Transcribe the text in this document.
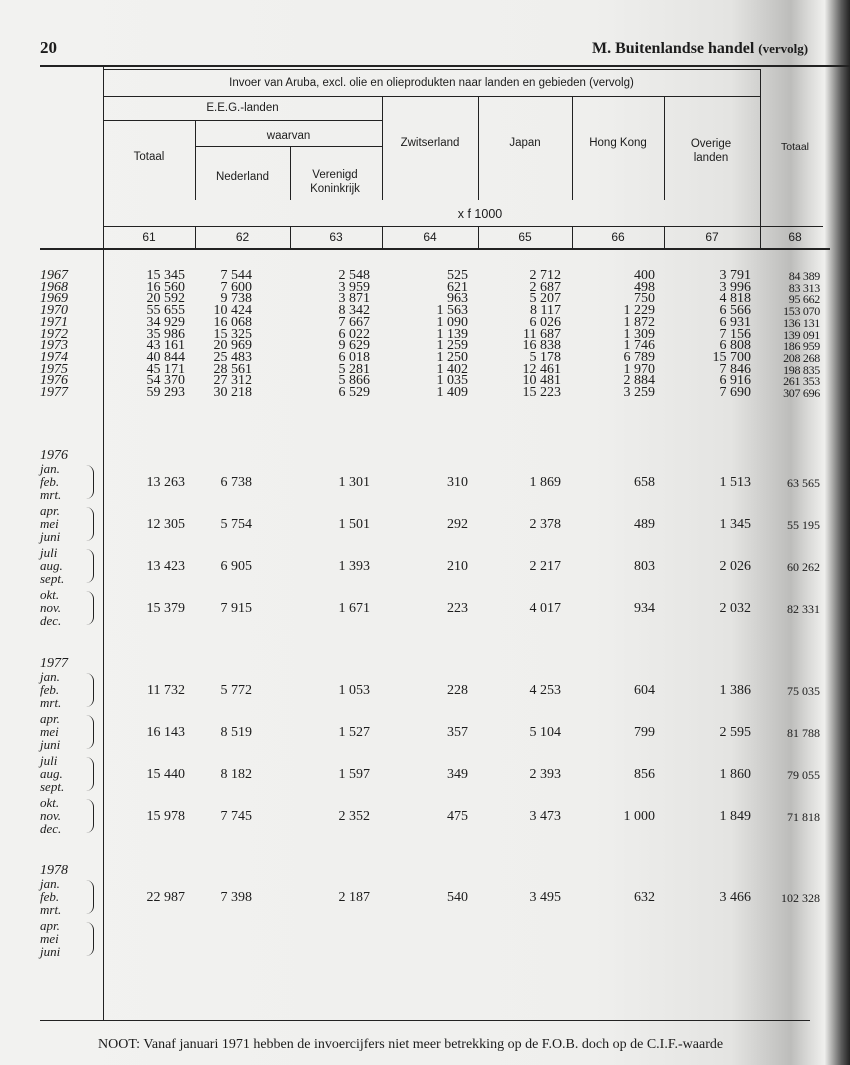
20	M. Buitenlandse handel (vervolg)
Invoer van Aruba, excl. olie en olieprodukten naar landen en gebieden (vervolg)
E.E.G.-landen
waarvan
Totaal
Nederland	Verenigd Koninkrijk
Zwitserland	Japan	Hong Kong	Overige landen
Totaal
x f 1000
61	62	63	64	65	66	67	68
1967	15 345	7 544	2 548	525	2 712	400	3 791	84 389
1968	16 560	7 600	3 959	621	2 687	498	3 996	83 313
1969	20 592	9 738	3 871	963	5 207	750	4 818	95 662
1970	55 655	10 424	8 342	1 563	8 117	1 229	6 566	153 070
1971	34 929	16 068	7 667	1 090	6 026	1 872	6 931	136 131
1972	35 986	15 325	6 022	1 139	11 687	1 309	7 156	139 091
1973	43 161	20 969	9 629	1 259	16 838	1 746	6 808	186 959
1974	40 844	25 483	6 018	1 250	5 178	6 789	15 700	208 268
1975	45 171	28 561	5 281	1 402	12 461	1 970	7 846	198 835
1976	54 370	27 312	5 866	1 035	10 481	2 884	6 916	261 353
1977	59 293	30 218	6 529	1 409	15 223	3 259	7 690	307 696
1976
jan.
feb.
mrt.
13 263	6 738	1 301	310	1 869	658	1 513	63 565
apr.
mei
juni
12 305	5 754	1 501	292	2 378	489	1 345	55 195
juli
aug.
sept.
13 423	6 905	1 393	210	2 217	803	2 026	60 262
okt.
nov.
dec.
15 379	7 915	1 671	223	4 017	934	2 032	82 331
1977
jan.
feb.
mrt.
11 732	5 772	1 053	228	4 253	604	1 386	75 035
apr.
mei
juni
16 143	8 519	1 527	357	5 104	799	2 595	81 788
juli
aug.
sept.
15 440	8 182	1 597	349	2 393	856	1 860	79 055
okt.
nov.
dec.
15 978	7 745	2 352	475	3 473	1 000	1 849	71 818
1978
jan.
feb.
mrt.
22 987	7 398	2 187	540	3 495	632	3 466	102 328
apr.
mei
juni
NOOT: Vanaf januari 1971 hebben de invoercijfers niet meer betrekking op de F.O.B. doch op de C.I.F.-waarde
